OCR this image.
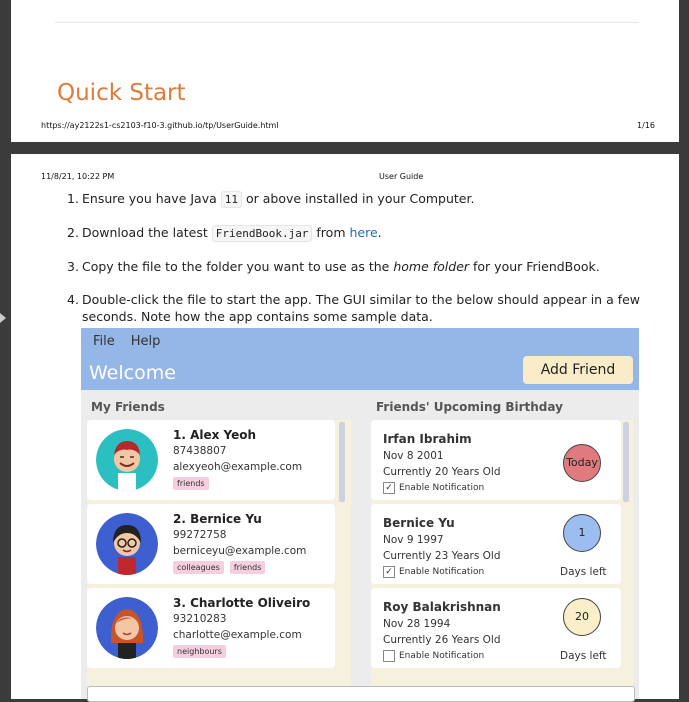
Quick Start
https://ay2122s1-cs2103-f10-3.github.io/tp/UserGuide.html	1/16
11/8/21, 10:22 PM	User Guide
1. Ensure you have Java 11 or above installed in your Computer.
2. Download the latest FriendBook.jar from here.
3. Copy the file to the folder you want to use as the home folder for your FriendBook.
4. Double-click the file to start the app. The GUI similar to the below should appear in a few seconds. Note how the app contains some sample data.
File Help
Welcome	Add Friend
My Friends	Friends' Upcoming Birthday
1. Alex Yeoh
87438807
alexyeoh@example.com
friends
2. Bernice Yu
99272758
berniceyu@example.com
colleagues	friends
3. Charlotte Oliveiro
93210283
charlotte@example.com
neighbours
Irfan Ibrahim
Nov 8 2001
Currently 20 Years Old
✓ Enable Notification
Today
Bernice Yu
Nov 9 1997
Currently 23 Years Old
✓ Enable Notification
1
Days left
Roy Balakrishnan
Nov 28 1994
Currently 26 Years Old
Enable Notification
20
Days left
